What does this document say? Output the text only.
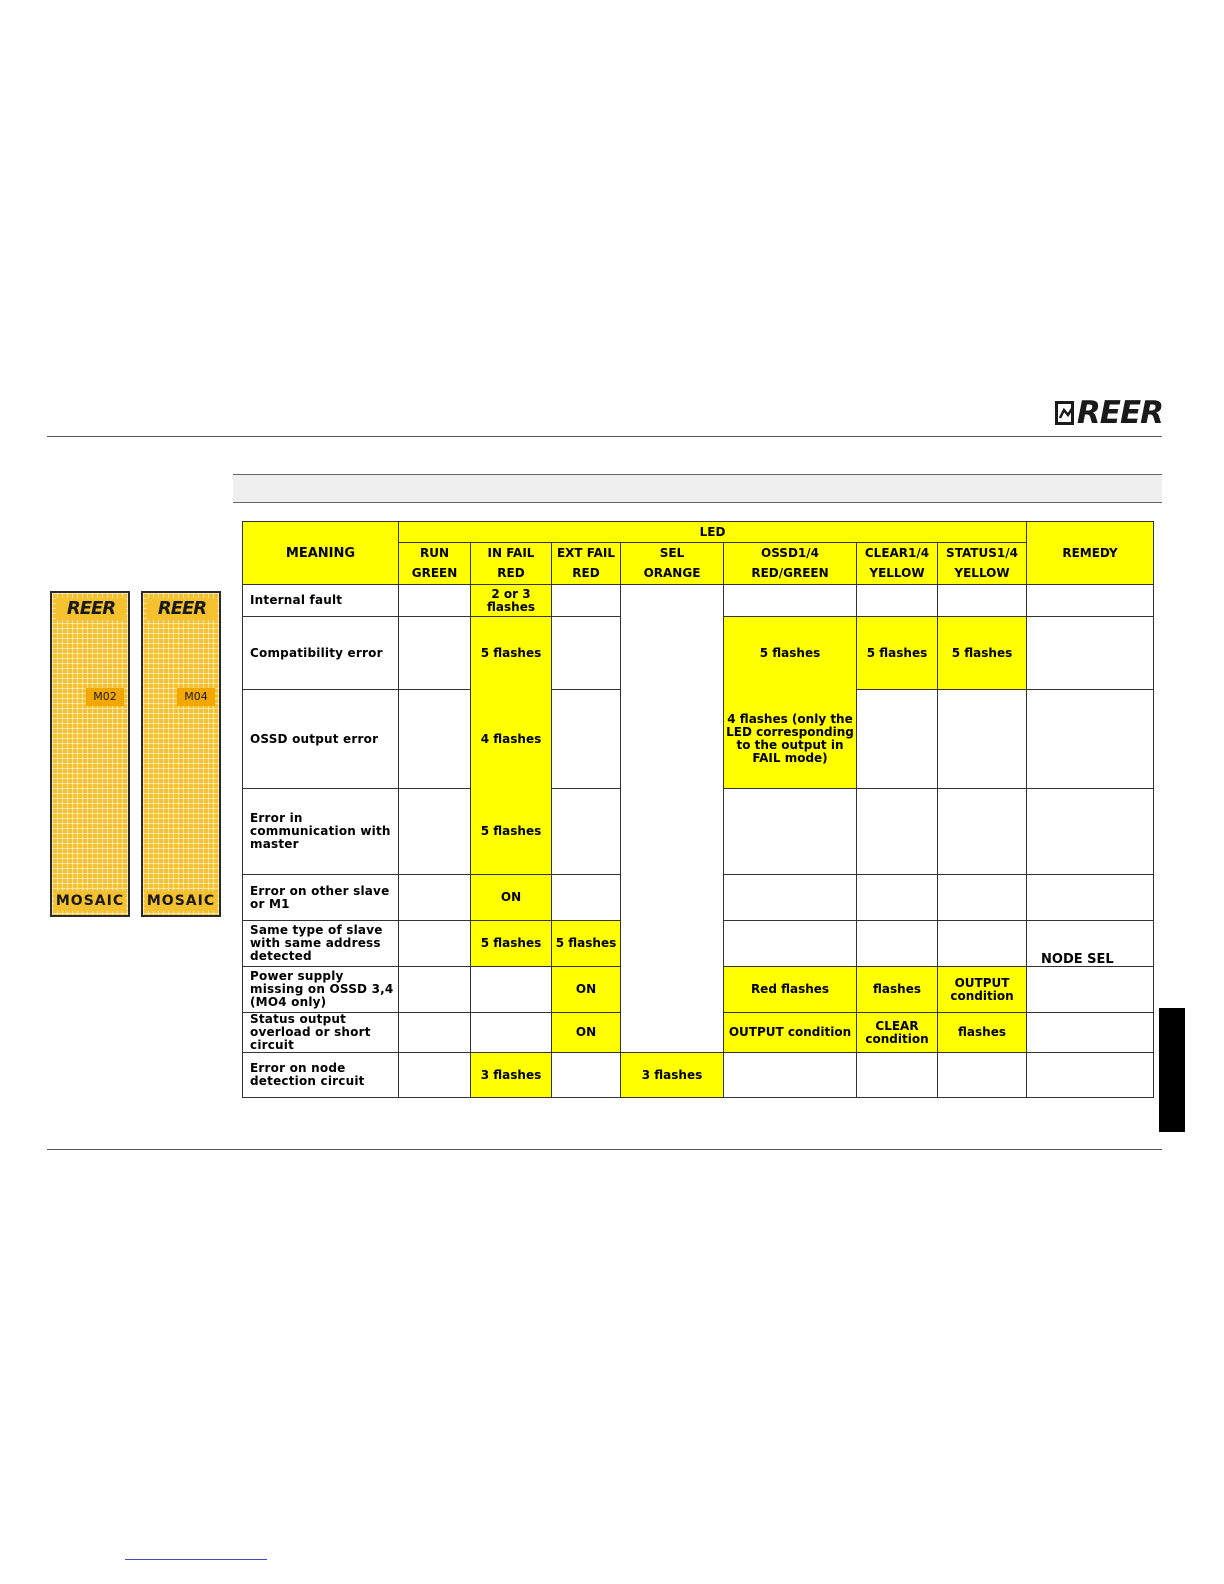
REER
REER
M02
MOSAIC
REER
M04
MOSAIC
MEANING	LED							REMEDY
	RUN	IN FAIL	EXT FAIL	SEL	OSSD1/4	CLEAR1/4	STATUS1/4	
	GREEN	RED	RED	ORANGE	RED/GREEN	YELLOW	YELLOW	
Internal fault		2 or 3 flashes						
Compatibility error		5 flashes			5 flashes	5 flashes	5 flashes	
OSSD output error		4 flashes			4 flashes (only the LED corresponding to the output in FAIL mode)			
Error in communication with master		5 flashes						
Error on other slave or M1		ON						
Same type of slave with same address detected		5 flashes	5 flashes					NODE SEL
Power supply missing on OSSD 3,4 (MO4 only)			ON		Red flashes	flashes	OUTPUT condition	
Status output overload or short circuit			ON		OUTPUT condition	CLEAR condition	flashes	
Error on node detection circuit		3 flashes		3 flashes				
